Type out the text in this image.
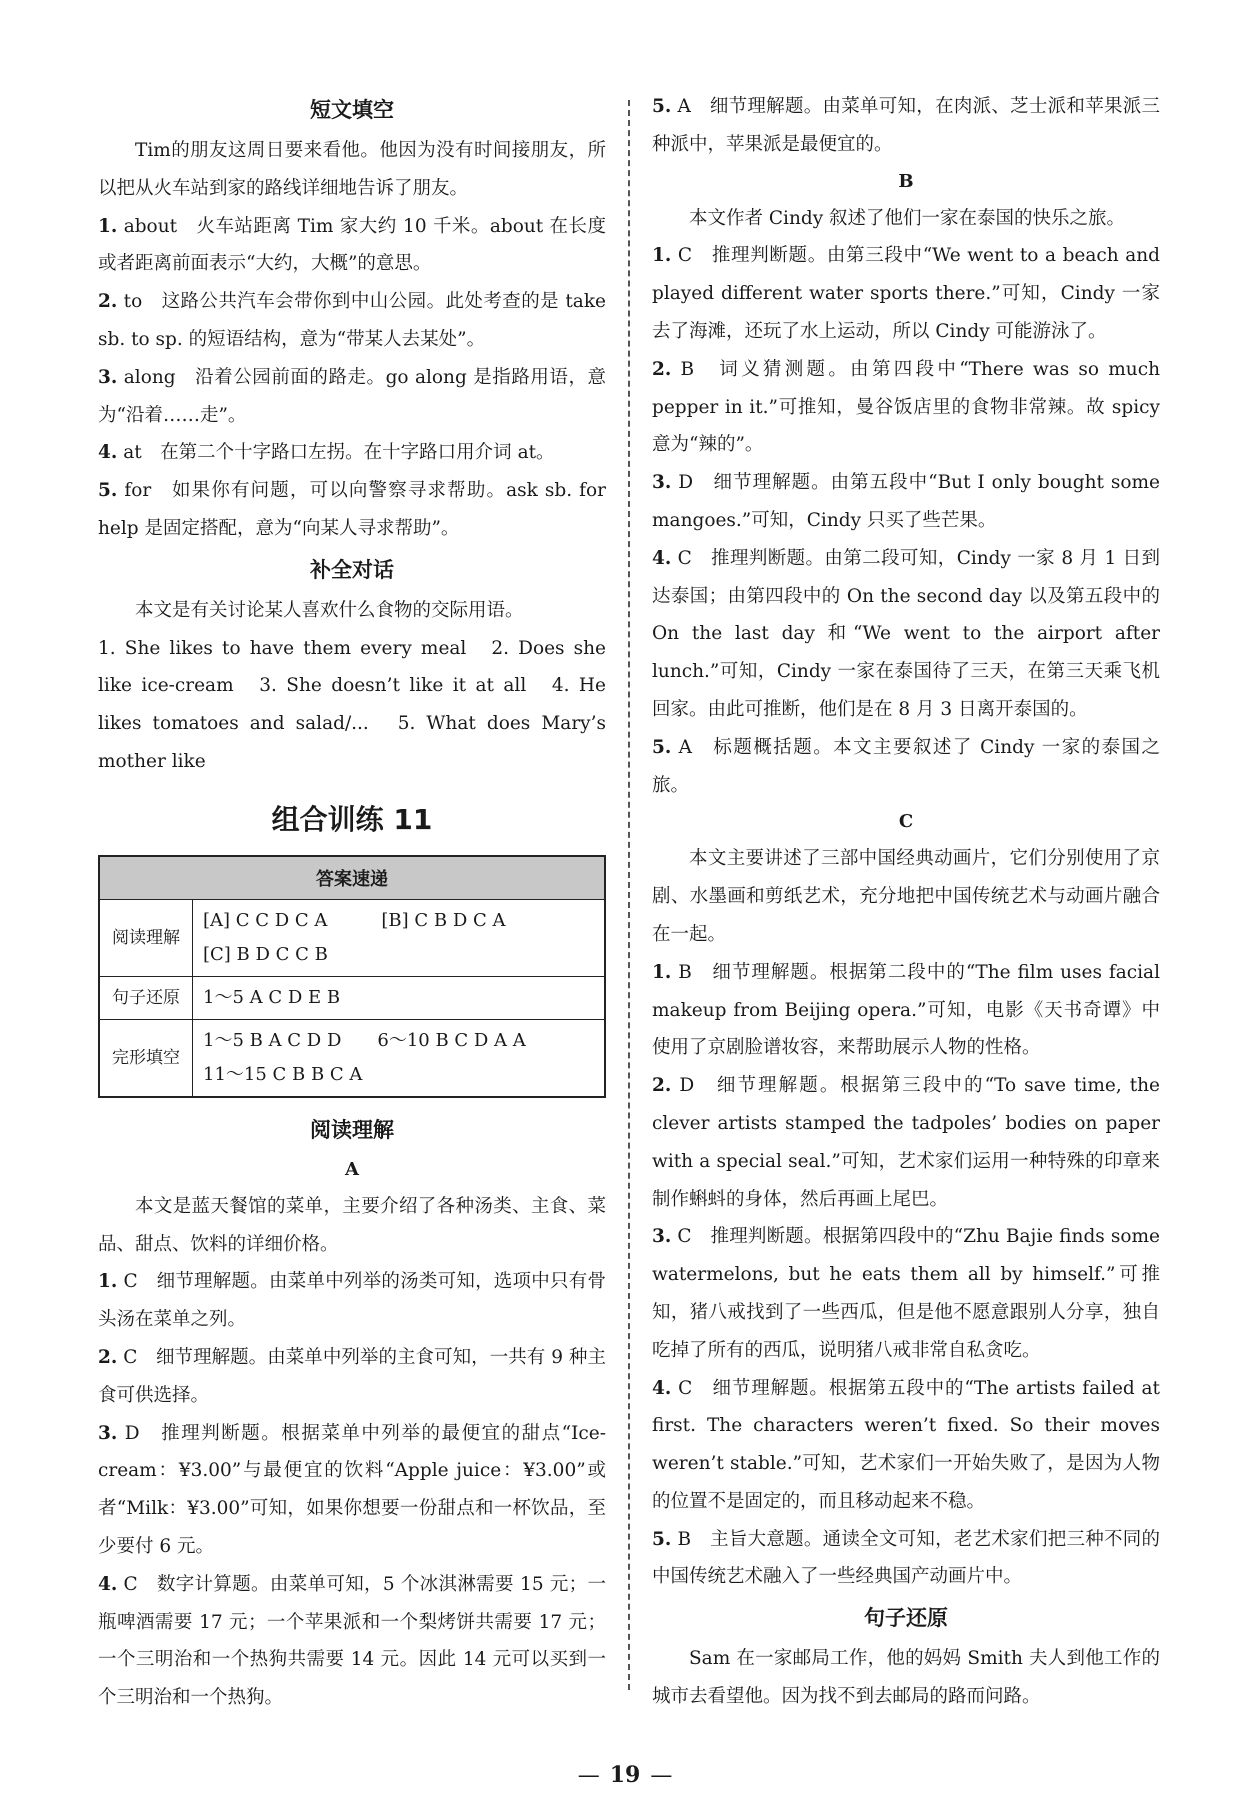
短文填空

Tim的朋友这周日要来看他。他因为没有时间接朋友，所以把从火车站到家的路线详细地告诉了朋友。

1. about　火车站距离 Tim 家大约 10 千米。about 在长度或者距离前面表示“大约，大概”的意思。

2. to　这路公共汽车会带你到中山公园。此处考查的是 take sb. to sp. 的短语结构，意为“带某人去某处”。

3. along　沿着公园前面的路走。go along 是指路用语，意为“沿着……走”。

4. at　在第二个十字路口左拐。在十字路口用介词 at。

5. for　如果你有问题，可以向警察寻求帮助。ask sb. for help 是固定搭配，意为“向某人寻求帮助”。

补全对话

本文是有关讨论某人喜欢什么食物的交际用语。

1. She likes to have them every meal　2. Does she like ice-cream　3. She doesn’t like it at all　4. He likes tomatoes and salad/...　5. What does Mary’s mother like

组合训练 11
答案速递	
阅读理解	[A] C C D C A　　　[B] C B D C A
[C] B D C C B

句子还原	1～5 A C D E B

完形填空	1～5 B A C D D　　6～10 B C D A A
11～15 C B B C A
阅读理解
A

本文是蓝天餐馆的菜单，主要介绍了各种汤类、主食、菜品、甜点、饮料的详细价格。

1. C　细节理解题。由菜单中列举的汤类可知，选项中只有骨头汤在菜单之列。

2. C　细节理解题。由菜单中列举的主食可知，一共有 9 种主食可供选择。

3. D　推理判断题。根据菜单中列举的最便宜的甜点“Ice-cream：¥3.00”与最便宜的饮料“Apple juice：¥3.00”或者“Milk：¥3.00”可知，如果你想要一份甜点和一杯饮品，至少要付 6 元。

4. C　数字计算题。由菜单可知，5 个冰淇淋需要 15 元；一瓶啤酒需要 17 元；一个苹果派和一个梨烤饼共需要 17 元；一个三明治和一个热狗共需要 14 元。因此 14 元可以买到一个三明治和一个热狗。

5. A　细节理解题。由菜单可知，在肉派、芝士派和苹果派三种派中，苹果派是最便宜的。

B

本文作者 Cindy 叙述了他们一家在泰国的快乐之旅。

1. C　推理判断题。由第三段中“We went to a beach and played different water sports there.”可知，Cindy 一家去了海滩，还玩了水上运动，所以 Cindy 可能游泳了。

2. B　词义猜测题。由第四段中“There was so much pepper in it.”可推知，曼谷饭店里的食物非常辣。故 spicy 意为“辣的”。

3. D　细节理解题。由第五段中“But I only bought some mangoes.”可知，Cindy 只买了些芒果。

4. C　推理判断题。由第二段可知，Cindy 一家 8 月 1 日到达泰国；由第四段中的 On the second day 以及第五段中的 On the last day 和“We went to the airport after lunch.”可知，Cindy 一家在泰国待了三天，在第三天乘飞机回家。由此可推断，他们是在 8 月 3 日离开泰国的。

5. A　标题概括题。本文主要叙述了 Cindy 一家的泰国之旅。

C

本文主要讲述了三部中国经典动画片，它们分别使用了京剧、水墨画和剪纸艺术，充分地把中国传统艺术与动画片融合在一起。

1. B　细节理解题。根据第二段中的“The film uses facial makeup from Beijing opera.”可知，电影《天书奇谭》中使用了京剧脸谱妆容，来帮助展示人物的性格。

2. D　细节理解题。根据第三段中的“To save time, the clever artists stamped the tadpoles’ bodies on paper with a special seal.”可知，艺术家们运用一种特殊的印章来制作蝌蚪的身体，然后再画上尾巴。

3. C　推理判断题。根据第四段中的“Zhu Bajie finds some watermelons, but he eats them all by himself.”可推知，猪八戒找到了一些西瓜，但是他不愿意跟别人分享，独自吃掉了所有的西瓜，说明猪八戒非常自私贪吃。

4. C　细节理解题。根据第五段中的“The artists failed at first. The characters weren’t fixed. So their moves weren’t stable.”可知，艺术家们一开始失败了，是因为人物的位置不是固定的，而且移动起来不稳。

5. B　主旨大意题。通读全文可知，老艺术家们把三种不同的中国传统艺术融入了一些经典国产动画片中。

句子还原

Sam 在一家邮局工作，他的妈妈 Smith 夫人到他工作的城市去看望他。因为找不到去邮局的路而问路。

— 19 —
